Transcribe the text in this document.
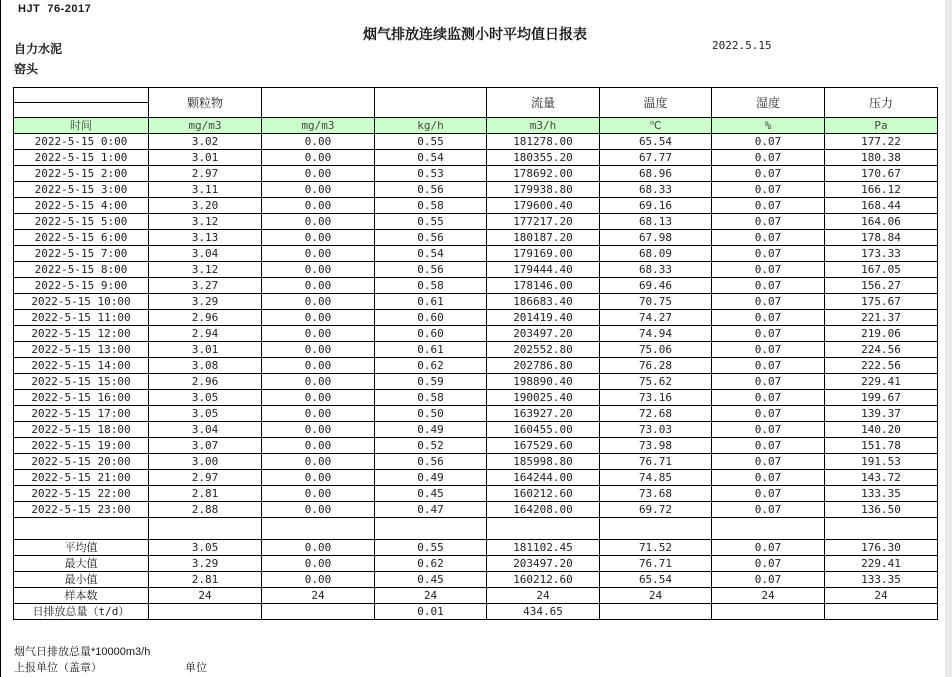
HJT  76-2017
烟气排放连续监测小时平均值日报表
2022.5.15
自力水泥
窑头
	颗粒物			流量	温度	湿度	压力

时间	mg/m3	mg/m3	kg/h	m3/h	℃	%	Pa
2022-5-15 0:00	3.02	0.00	0.55	181278.00	65.54	0.07	177.22
2022-5-15 1:00	3.01	0.00	0.54	180355.20	67.77	0.07	180.38
2022-5-15 2:00	2.97	0.00	0.53	178692.00	68.96	0.07	170.67
2022-5-15 3:00	3.11	0.00	0.56	179938.80	68.33	0.07	166.12
2022-5-15 4:00	3.20	0.00	0.58	179600.40	69.16	0.07	168.44
2022-5-15 5:00	3.12	0.00	0.55	177217.20	68.13	0.07	164.06
2022-5-15 6:00	3.13	0.00	0.56	180187.20	67.98	0.07	178.84
2022-5-15 7:00	3.04	0.00	0.54	179169.00	68.09	0.07	173.33
2022-5-15 8:00	3.12	0.00	0.56	179444.40	68.33	0.07	167.05
2022-5-15 9:00	3.27	0.00	0.58	178146.00	69.46	0.07	156.27
2022-5-15 10:00	3.29	0.00	0.61	186683.40	70.75	0.07	175.67
2022-5-15 11:00	2.96	0.00	0.60	201419.40	74.27	0.07	221.37
2022-5-15 12:00	2.94	0.00	0.60	203497.20	74.94	0.07	219.06
2022-5-15 13:00	3.01	0.00	0.61	202552.80	75.06	0.07	224.56
2022-5-15 14:00	3.08	0.00	0.62	202786.80	76.28	0.07	222.56
2022-5-15 15:00	2.96	0.00	0.59	198890.40	75.62	0.07	229.41
2022-5-15 16:00	3.05	0.00	0.58	190025.40	73.16	0.07	199.67
2022-5-15 17:00	3.05	0.00	0.50	163927.20	72.68	0.07	139.37
2022-5-15 18:00	3.04	0.00	0.49	160455.00	73.03	0.07	140.20
2022-5-15 19:00	3.07	0.00	0.52	167529.60	73.98	0.07	151.78
2022-5-15 20:00	3.00	0.00	0.56	185998.80	76.71	0.07	191.53
2022-5-15 21:00	2.97	0.00	0.49	164244.00	74.85	0.07	143.72
2022-5-15 22:00	2.81	0.00	0.45	160212.60	73.68	0.07	133.35
2022-5-15 23:00	2.88	0.00	0.47	164208.00	69.72	0.07	136.50

平均值	3.05	0.00	0.55	181102.45	71.52	0.07	176.30
最大值	3.29	0.00	0.62	203497.20	76.71	0.07	229.41
最小值	2.81	0.00	0.45	160212.60	65.54	0.07	133.35
样本数	24	24	24	24	24	24	24
日排放总量（t/d）			0.01	434.65			
烟气日排放总量*10000m3/h
上报单位（盖章）	单位
